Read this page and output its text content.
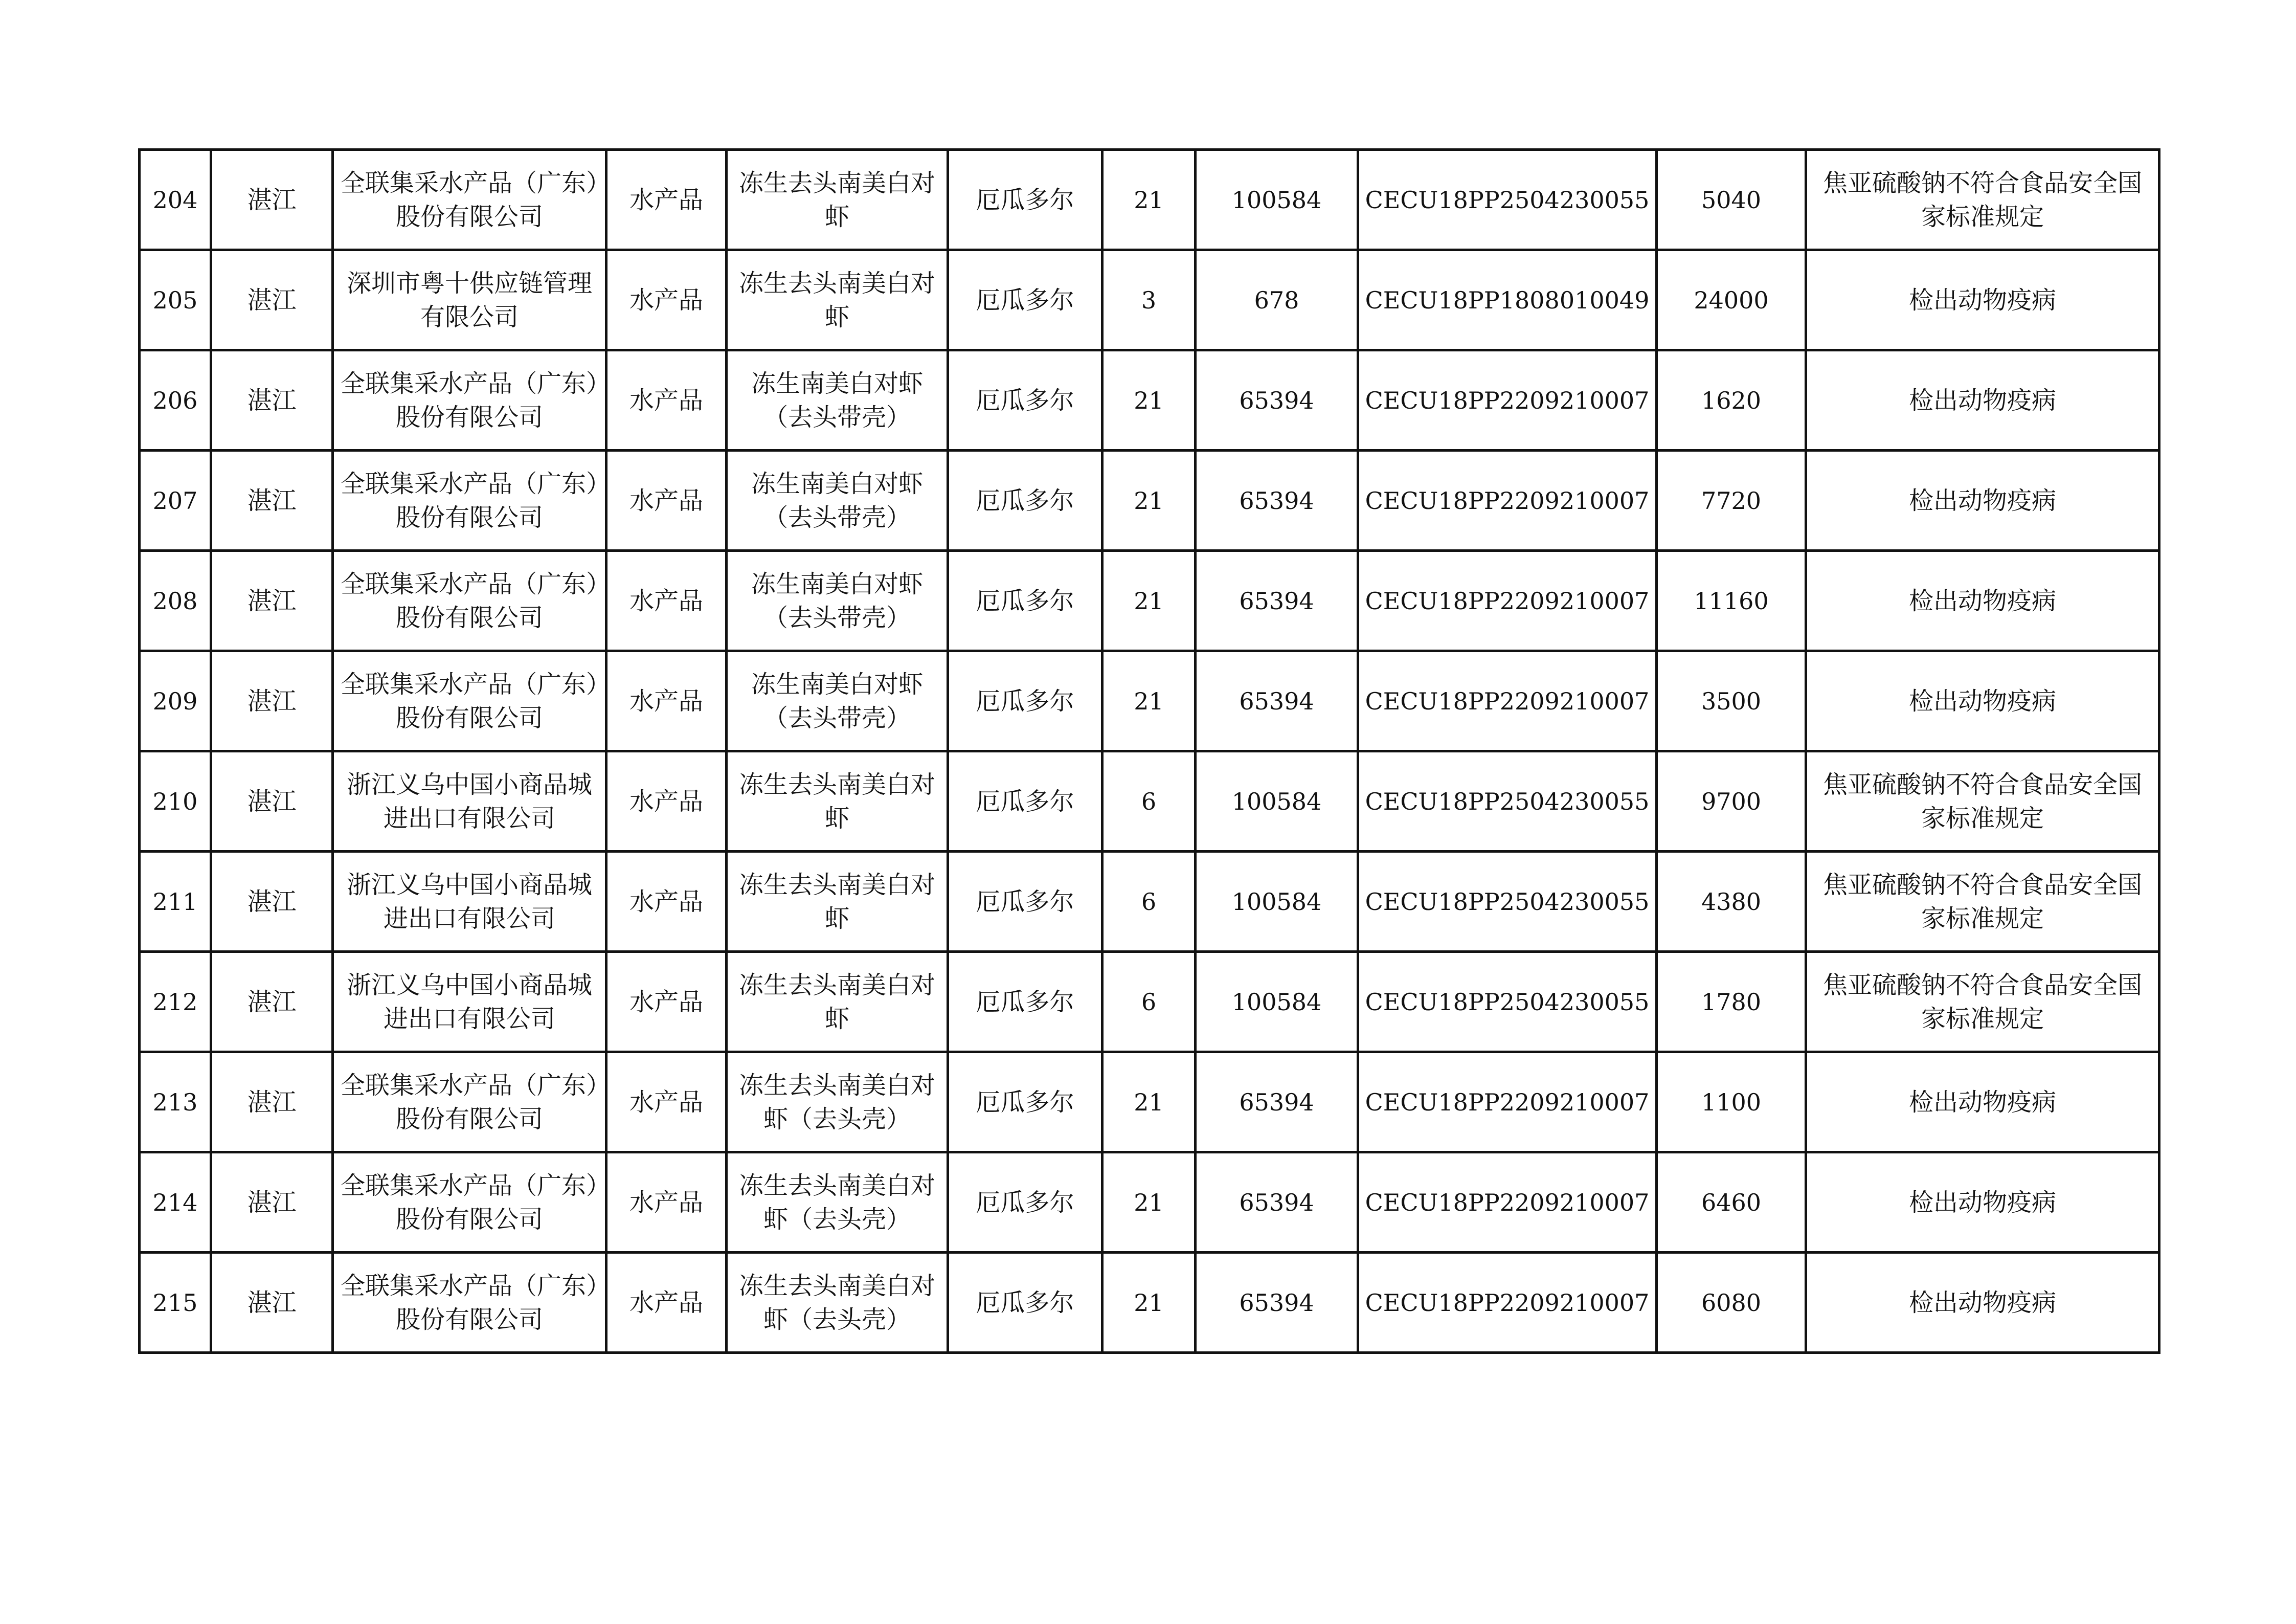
204	湛江	全联集采水产品（广东）股份有限公司	水产品	冻生去头南美白对虾	厄瓜多尔	21	100584	CECU18PP2504230055	5040	焦亚硫酸钠不符合食品安全国家标准规定
205	湛江	深圳市粤十供应链管理有限公司	水产品	冻生去头南美白对虾	厄瓜多尔	3	678	CECU18PP1808010049	24000	检出动物疫病
206	湛江	全联集采水产品（广东）股份有限公司	水产品	冻生南美白对虾（去头带壳）	厄瓜多尔	21	65394	CECU18PP2209210007	1620	检出动物疫病
207	湛江	全联集采水产品（广东）股份有限公司	水产品	冻生南美白对虾（去头带壳）	厄瓜多尔	21	65394	CECU18PP2209210007	7720	检出动物疫病
208	湛江	全联集采水产品（广东）股份有限公司	水产品	冻生南美白对虾（去头带壳）	厄瓜多尔	21	65394	CECU18PP2209210007	11160	检出动物疫病
209	湛江	全联集采水产品（广东）股份有限公司	水产品	冻生南美白对虾（去头带壳）	厄瓜多尔	21	65394	CECU18PP2209210007	3500	检出动物疫病
210	湛江	浙江义乌中国小商品城进出口有限公司	水产品	冻生去头南美白对虾	厄瓜多尔	6	100584	CECU18PP2504230055	9700	焦亚硫酸钠不符合食品安全国家标准规定
211	湛江	浙江义乌中国小商品城进出口有限公司	水产品	冻生去头南美白对虾	厄瓜多尔	6	100584	CECU18PP2504230055	4380	焦亚硫酸钠不符合食品安全国家标准规定
212	湛江	浙江义乌中国小商品城进出口有限公司	水产品	冻生去头南美白对虾	厄瓜多尔	6	100584	CECU18PP2504230055	1780	焦亚硫酸钠不符合食品安全国家标准规定
213	湛江	全联集采水产品（广东）股份有限公司	水产品	冻生去头南美白对虾（去头壳）	厄瓜多尔	21	65394	CECU18PP2209210007	1100	检出动物疫病
214	湛江	全联集采水产品（广东）股份有限公司	水产品	冻生去头南美白对虾（去头壳）	厄瓜多尔	21	65394	CECU18PP2209210007	6460	检出动物疫病
215	湛江	全联集采水产品（广东）股份有限公司	水产品	冻生去头南美白对虾（去头壳）	厄瓜多尔	21	65394	CECU18PP2209210007	6080	检出动物疫病
